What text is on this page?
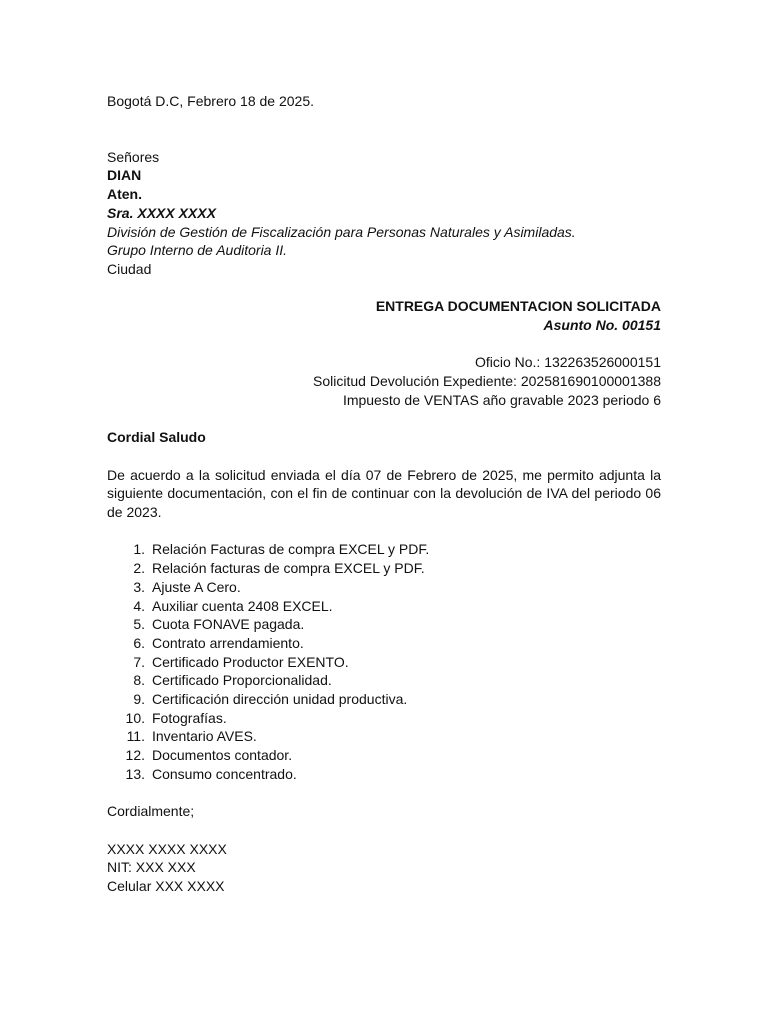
Bogotá D.C, Febrero 18 de 2025.
Señores
DIAN
Aten.
Sra. XXXX XXXX
División de Gestión de Fiscalización para Personas Naturales y Asimiladas.
Grupo Interno de Auditoria II.
Ciudad
ENTREGA DOCUMENTACION SOLICITADA
Asunto No. 00151
Oficio No.: 132263526000151
Solicitud Devolución Expediente: 202581690100001388
Impuesto de VENTAS año gravable 2023 periodo 6
Cordial Saludo
De acuerdo a la solicitud enviada el día 07 de Febrero de 2025, me permito adjunta la siguiente documentación, con el fin de continuar con la devolución de IVA del periodo 06 de 2023.
1. Relación Facturas de compra EXCEL y PDF.
2. Relación facturas de compra EXCEL y PDF.
3. Ajuste A Cero.
4. Auxiliar cuenta 2408 EXCEL.
5. Cuota FONAVE pagada.
6. Contrato arrendamiento.
7. Certificado Productor EXENTO.
8. Certificado Proporcionalidad.
9. Certificación dirección unidad productiva.
10. Fotografías.
11. Inventario AVES.
12. Documentos contador.
13. Consumo concentrado.
Cordialmente;
XXXX XXXX XXXX
NIT: XXX XXX
Celular XXX XXXX
